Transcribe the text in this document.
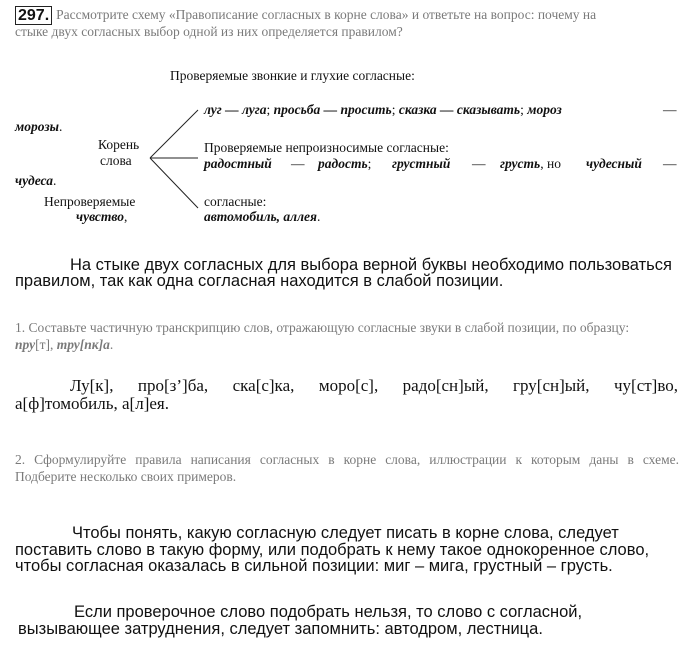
297. Рассмотрите схему «Правописание согласных в корне слова» и ответьте на вопрос: почему на
стыке двух согласных выбор одной из них определяется правилом?
Проверяемые звонкие и глухие согласные:
луг — луга; просьба — просить; сказка — сказывать; мороз	—
морозы.
Корень
слова
Проверяемые непроизносимые согласные:
радостный — радость; грустный — грусть, но чудесный —
чудеса.
Непроверяемые	согласные:
чувство,	автомобиль, аллея.
На стыке двух согласных для выбора верной буквы необходимо пользоваться
правилом, так как одна согласная находится в слабой позиции.
1. Составьте частичную транскрипцию слов, отражающую согласные звуки в слабой позиции, по образцу:
пру[т], тру[пк]а.
Лу[к], про[з’]ба, ска[с]ка, моро[с], радо[сн]ый, гру[сн]ый, чу[ст]во,
а[ф]томобиль, а[л]ея.
2. Сформулируйте правила написания согласных в корне слова, иллюстрации к которым даны в схеме.
Подберите несколько своих примеров.
Чтобы понять, какую согласную следует писать в корне слова, следует
поставить слово в такую форму, или подобрать к нему такое однокоренное слово,
чтобы согласная оказалась в сильной позиции: миг – мига, грустный – грусть.
Если проверочное слово подобрать нельзя, то слово с согласной,
вызывающее затруднения, следует запомнить: автодром, лестница.
